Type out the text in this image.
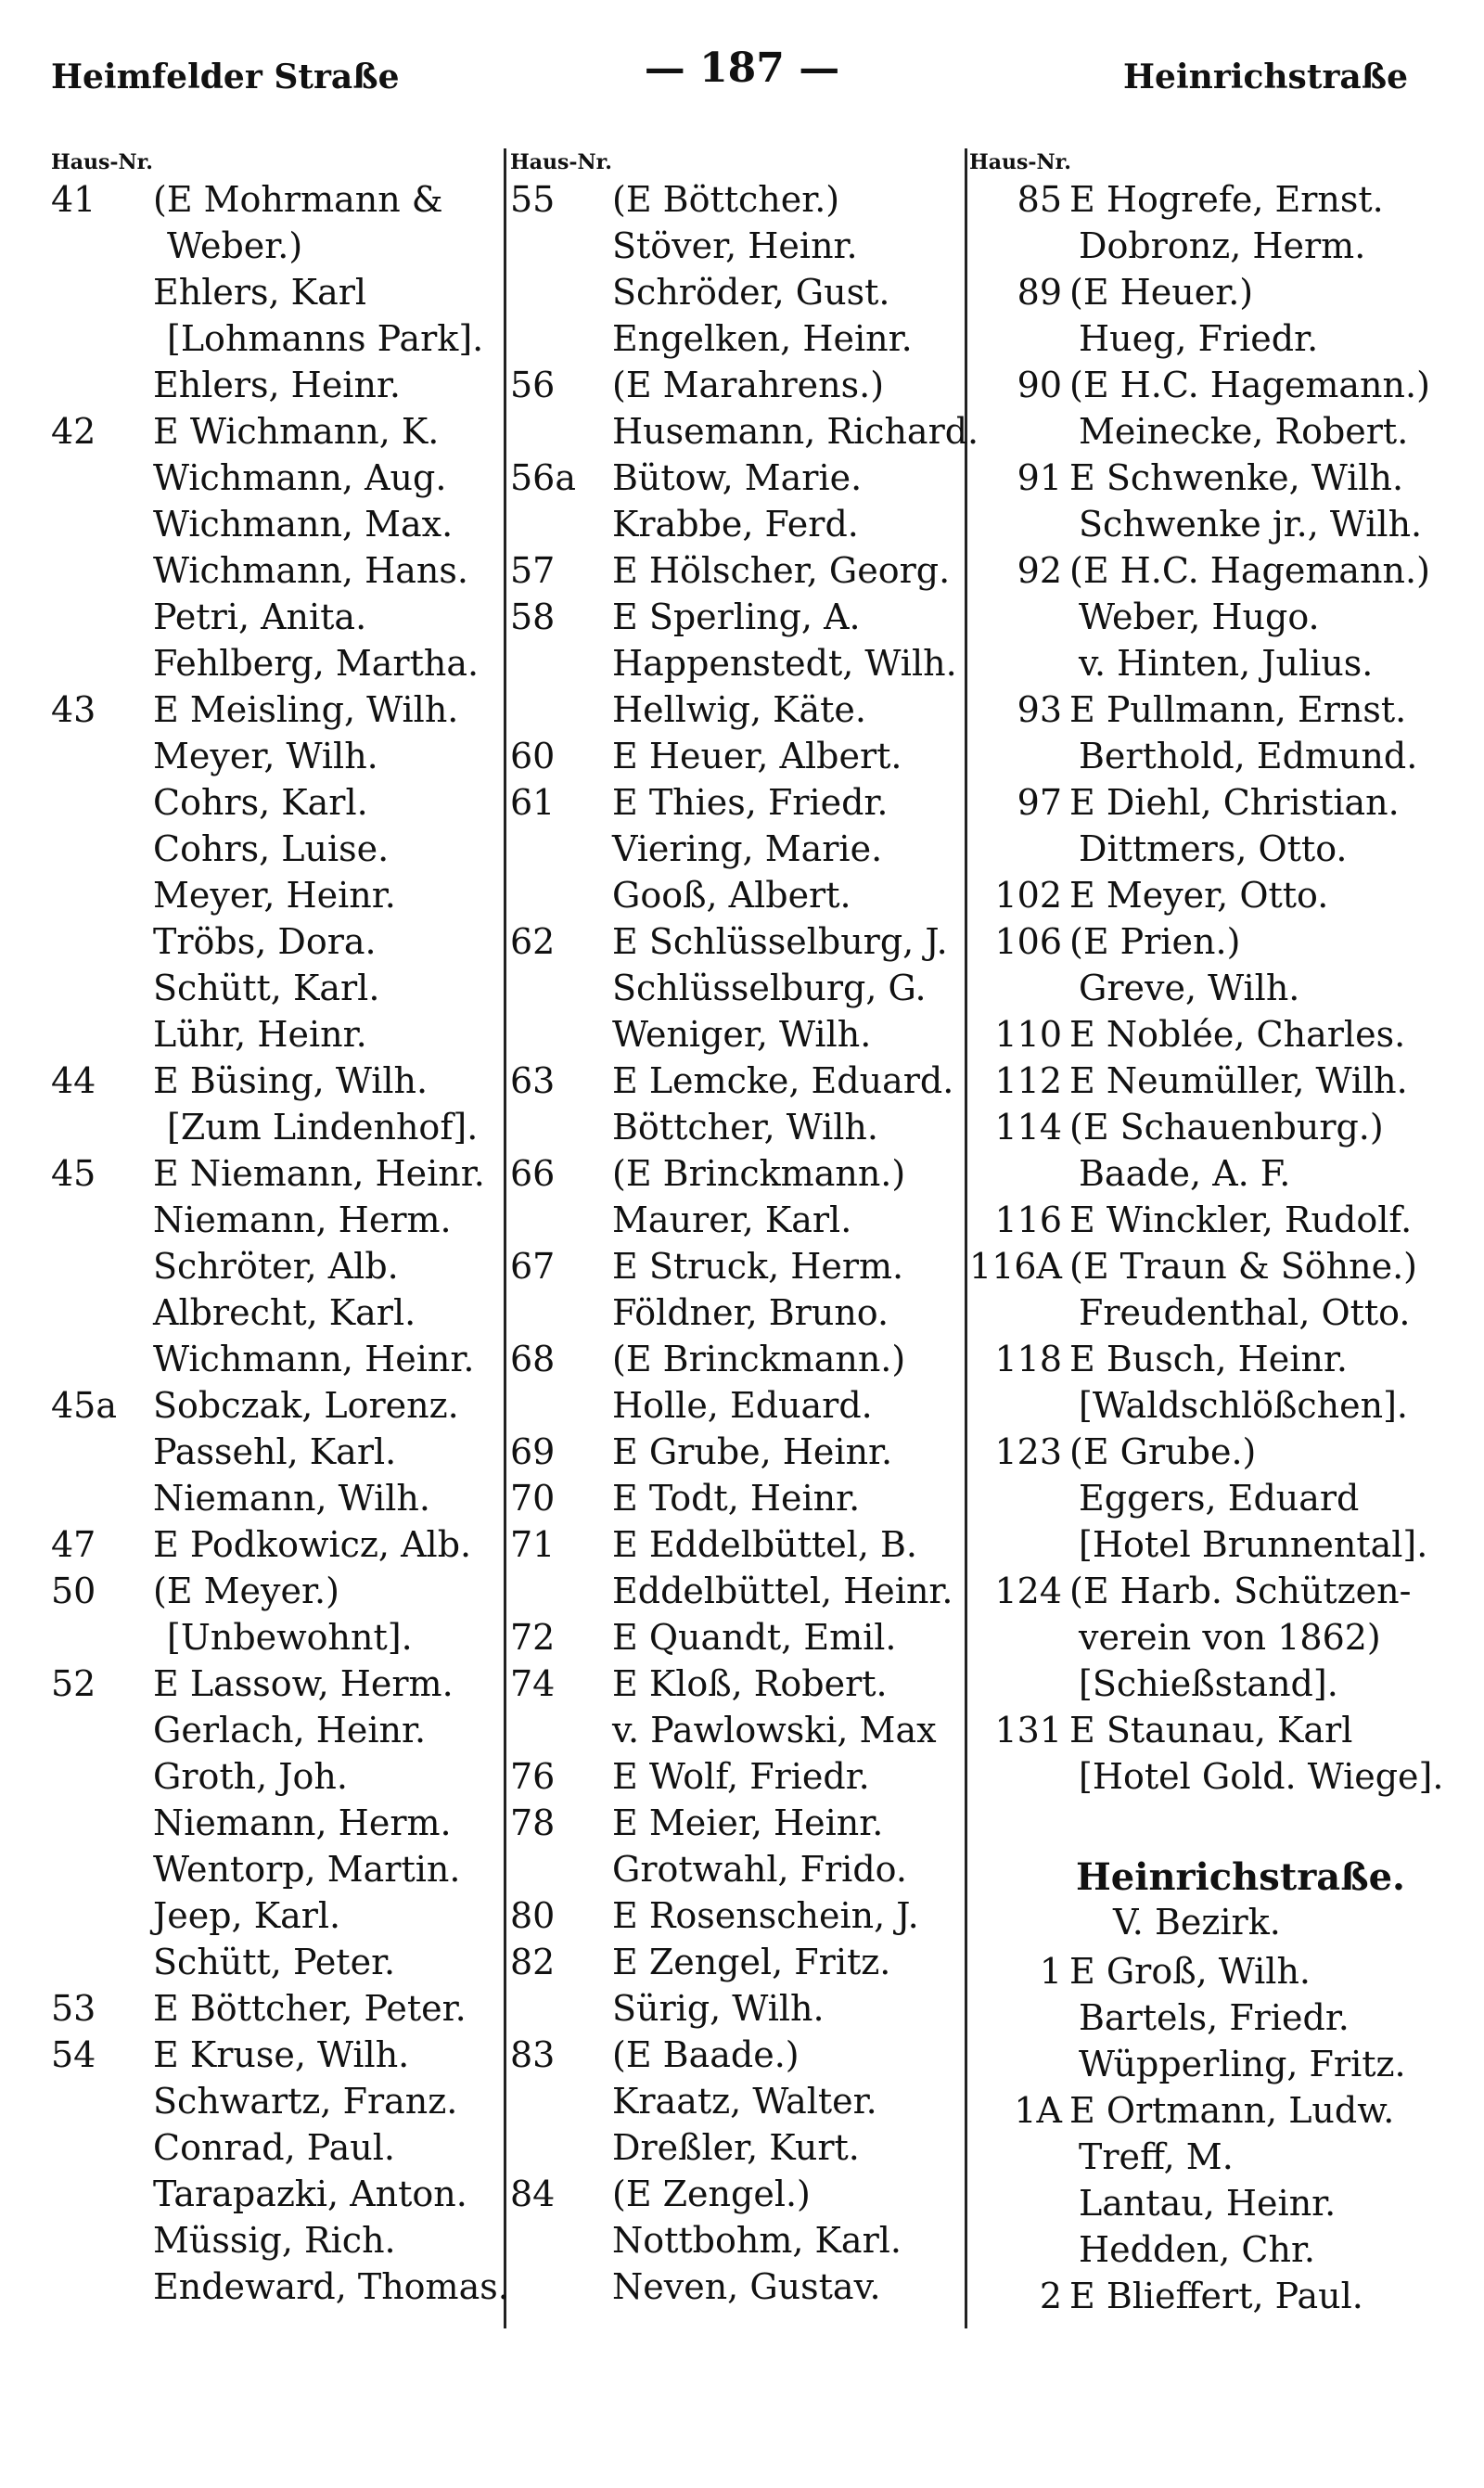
Heimfelder Straße	— 187 —	Heinrichstraße
Haus-Nr.	Haus-Nr.	Haus-Nr.
41	(E Mohrmann &
Weber.)
Ehlers, Karl
[Lohmanns Park].
Ehlers, Heinr.
42	E Wichmann, K.
Wichmann, Aug.
Wichmann, Max.
Wichmann, Hans.
Petri, Anita.
Fehlberg, Martha.
43	E Meisling, Wilh.
Meyer, Wilh.
Cohrs, Karl.
Cohrs, Luise.
Meyer, Heinr.
Tröbs, Dora.
Schütt, Karl.
Lühr, Heinr.
44	E Büsing, Wilh.
[Zum Lindenhof].
45	E Niemann, Heinr.
Niemann, Herm.
Schröter, Alb.
Albrecht, Karl.
Wichmann, Heinr.
45a	Sobczak, Lorenz.
Passehl, Karl.
Niemann, Wilh.
47	E Podkowicz, Alb.
50	(E Meyer.)
[Unbewohnt].
52	E Lassow, Herm.
Gerlach, Heinr.
Groth, Joh.
Niemann, Herm.
Wentorp, Martin.
Jeep, Karl.
Schütt, Peter.
53	E Böttcher, Peter.
54	E Kruse, Wilh.
Schwartz, Franz.
Conrad, Paul.
Tarapazki, Anton.
Müssig, Rich.
Endeward, Thomas.
55	(E Böttcher.)
Stöver, Heinr.
Schröder, Gust.
Engelken, Heinr.
56	(E Marahrens.)
Husemann, Richard.
56a	Bütow, Marie.
Krabbe, Ferd.
57	E Hölscher, Georg.
58	E Sperling, A.
Happenstedt, Wilh.
Hellwig, Käte.
60	E Heuer, Albert.
61	E Thies, Friedr.
Viering, Marie.
Gooß, Albert.
62	E Schlüsselburg, J.
Schlüsselburg, G.
Weniger, Wilh.
63	E Lemcke, Eduard.
Böttcher, Wilh.
66	(E Brinckmann.)
Maurer, Karl.
67	E Struck, Herm.
Földner, Bruno.
68	(E Brinckmann.)
Holle, Eduard.
69	E Grube, Heinr.
70	E Todt, Heinr.
71	E Eddelbüttel, B.
Eddelbüttel, Heinr.
72	E Quandt, Emil.
74	E Kloß, Robert.
v. Pawlowski, Max
76	E Wolf, Friedr.
78	E Meier, Heinr.
Grotwahl, Frido.
80	E Rosenschein, J.
82	E Zengel, Fritz.
Sürig, Wilh.
83	(E Baade.)
Kraatz, Walter.
Dreßler, Kurt.
84	(E Zengel.)
Nottbohm, Karl.
Neven, Gustav.
85 E Hogrefe, Ernst.
Dobronz, Herm.
89 (E Heuer.)
Hueg, Friedr.
90 (E H.C. Hagemann.)
Meinecke, Robert.
91 E Schwenke, Wilh.
Schwenke jr., Wilh.
92 (E H.C. Hagemann.)
Weber, Hugo.
v. Hinten, Julius.
93 E Pullmann, Ernst.
Berthold, Edmund.
97 E Diehl, Christian.
Dittmers, Otto.
102 E Meyer, Otto.
106 (E Prien.)
Greve, Wilh.
110 E Noblée, Charles.
112 E Neumüller, Wilh.
114 (E Schauenburg.)
Baade, A. F.
116 E Winckler, Rudolf.
116A (E Traun & Söhne.)
Freudenthal, Otto.
118 E Busch, Heinr.
[Waldschlößchen].
123 (E Grube.)
Eggers, Eduard
[Hotel Brunnental].
124 (E Harb. Schützen-
verein von 1862)
[Schießstand].
131 E Staunau, Karl
[Hotel Gold. Wiege].
Heinrichstraße.
V. Bezirk.
1 E Groß, Wilh.
Bartels, Friedr.
Wüpperling, Fritz.
1A E Ortmann, Ludw.
Treff, M.
Lantau, Heinr.
Hedden, Chr.
2 E Blieffert, Paul.
